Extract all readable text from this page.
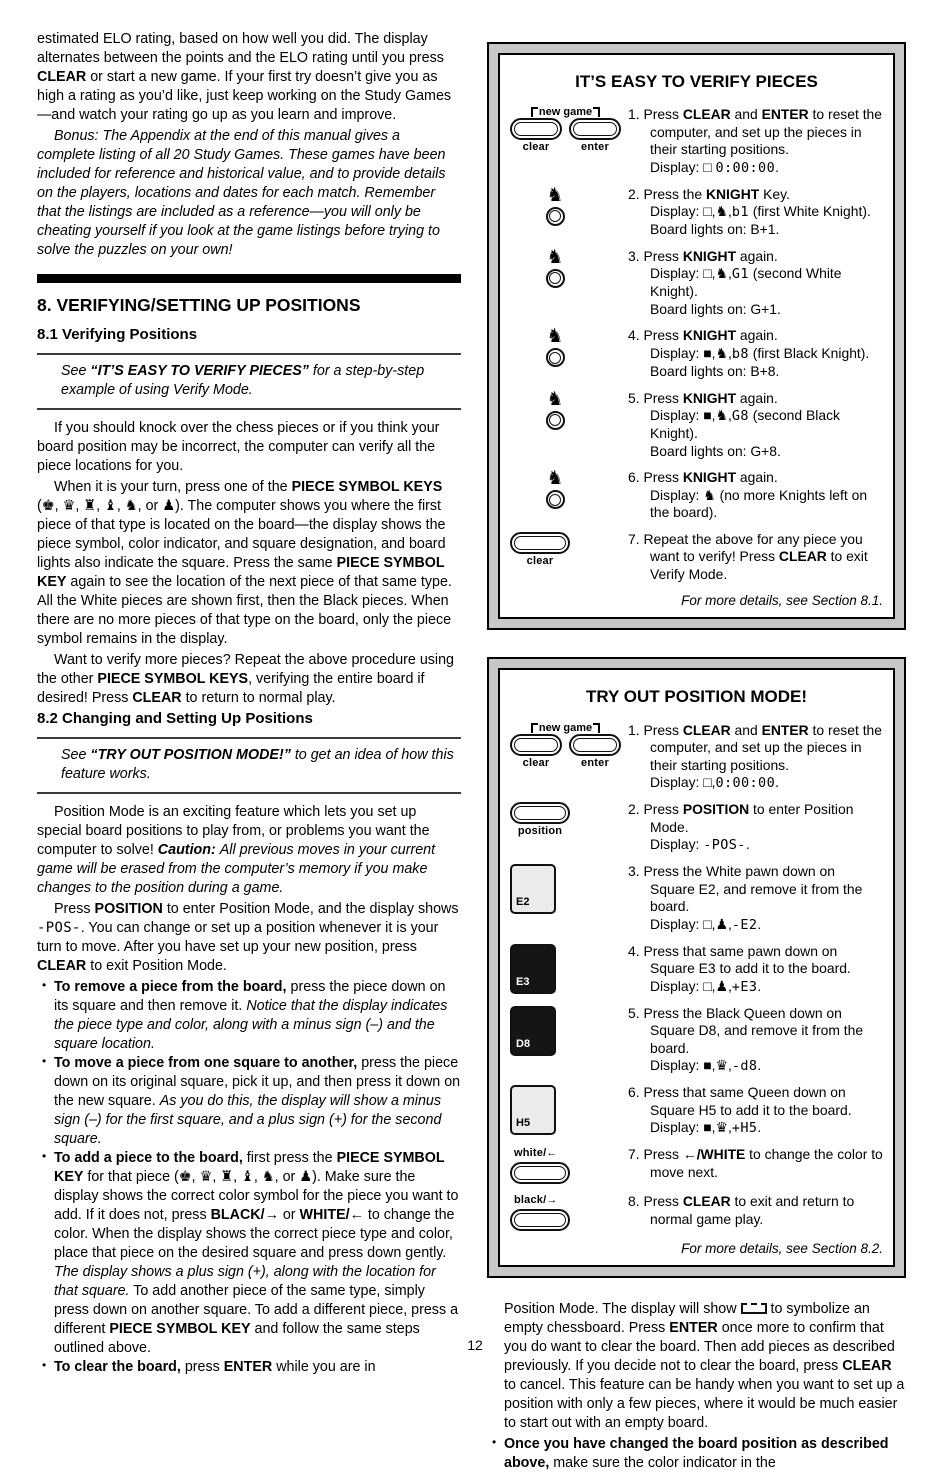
estimated ELO rating, based on how well you did. The display alternates between the points and the ELO rating until you press CLEAR or start a new game. If your first try doesn’t give you as high a rating as you’d like, just keep working on the Study Games—and watch your rating go up as you learn and improve.

Bonus: The Appendix at the end of this manual gives a complete listing of all 20 Study Games. These games have been included for reference and historical value, and to provide details on the players, locations and dates for each match. Remember that the listings are included as a reference—you will only be cheating yourself if you look at the game listings before trying to solve the puzzles on your own!

8. VERIFYING/SETTING UP POSITIONS
8.1 Verifying Positions
See “IT’S EASY TO VERIFY PIECES” for a step-by-step example of using Verify Mode.

If you should knock over the chess pieces or if you think your board position may be incorrect, the computer can verify all the piece locations for you.

When it is your turn, press one of the PIECE SYMBOL KEYS (♚, ♛, ♜, ♝, ♞, or ♟). The computer shows you where the first piece of that type is located on the board—the display shows the piece symbol, color indicator, and square designation, and board lights also indicate the square. Press the same PIECE SYMBOL KEY again to see the location of the next piece of that same type. All the White pieces are shown first, then the Black pieces. When there are no more pieces of that type on the board, only the piece symbol remains in the display.

Want to verify more pieces? Repeat the above procedure using the other PIECE SYMBOL KEYS, verifying the entire board if desired! Press CLEAR to return to normal play.

8.2 Changing and Setting Up Positions
See “TRY OUT POSITION MODE!” to get an idea of how this feature works.

Position Mode is an exciting feature which lets you set up special board positions to play from, or problems you want the computer to solve! Caution: All previous moves in your current game will be erased from the computer’s memory if you make changes to the position during a game.

Press POSITION to enter Position Mode, and the display shows -POS-. You can change or set up a position whenever it is your turn to move. After you have set up your new position, press CLEAR to exit Position Mode.

• To remove a piece from the board, press the piece down on its square and then remove it. Notice that the display indicates the piece type and color, along with a minus sign (–) and the square location.
• To move a piece from one square to another, press the piece down on its original square, pick it up, and then press it down on the new square. As you do this, the display will show a minus sign (–) for the first square, and a plus sign (+) for the second square.
• To add a piece to the board, first press the PIECE SYMBOL KEY for that piece (♚, ♛, ♜, ♝, ♞, or ♟). Make sure the display shows the correct color symbol for the piece you want to add. If it does not, press BLACK/→ or WHITE/← to change the color. When the display shows the correct piece type and color, place that piece on the desired square and press down gently. The display shows a plus sign (+), along with the location for that square. To add another piece of the same type, simply press down on another square. To add a different piece, press a different PIECE SYMBOL KEY and follow the same steps outlined above.
• To clear the board, press ENTER while you are in
IT’S EASY TO VERIFY PIECES
new game
clear	enter
1. Press CLEAR and ENTER to reset the computer, and set up the pieces in their starting positions.
Display: □ 0:00:00.
♞	2. Press the KNIGHT Key.
Display: □,♞,b1 (first White Knight).
Board lights on: B+1.
♞	3. Press KNIGHT again.
Display: □,♞,G1 (second White Knight).
Board lights on: G+1.
♞	4. Press KNIGHT again.
Display: ■,♞,b8 (first Black Knight).
Board lights on: B+8.
♞	5. Press KNIGHT again.
Display: ■,♞,G8 (second Black Knight).
Board lights on: G+8.
♞	6. Press KNIGHT again.
Display: ♞ (no more Knights left on the board).
clear
7. Repeat the above for any piece you want to verify! Press CLEAR to exit Verify Mode.
For more details, see Section 8.1.
TRY OUT POSITION MODE!
new game
clear	enter
1. Press CLEAR and ENTER to reset the computer, and set up the pieces in their starting positions.
Display: □,0:00:00.
position
2. Press POSITION to enter Position Mode.
Display: -POS-.
E2
3. Press the White pawn down on Square E2, and remove it from the board.
Display: □,♟,-E2.
E3
4. Press that same pawn down on Square E3 to add it to the board.
Display: □,♟,+E3.
D8
5. Press the Black Queen down on Square D8, and remove it from the board.
Display: ■,♛,-d8.
H5
6. Press that same Queen down on Square H5 to add it to the board.
Display: ■,♛,+H5.
white/←	7. Press ←/WHITE to change the color to move next.
black/→	8. Press CLEAR to exit and return to normal game play.
For more details, see Section 8.2.

Position Mode. The display will show  to symbolize an empty chessboard. Press ENTER once more to confirm that you do want to clear the board. Then add pieces as described previously. If you decide not to clear the board, press CLEAR to cancel. This feature can be handy when you want to set up a position with only a few pieces, where it would be much easier to start out with an empty board.

• Once you have changed the board position as described above, make sure the color indicator in the
12
